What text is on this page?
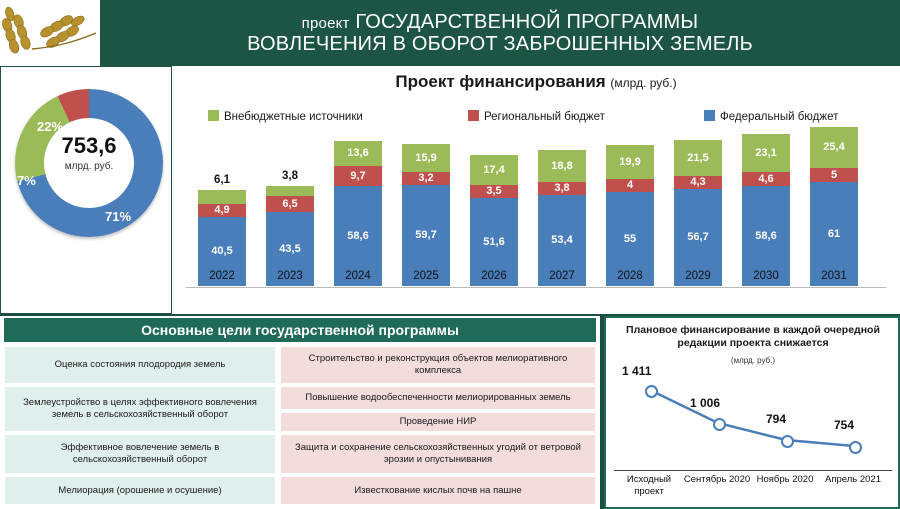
проект ГОСУДАРСТВЕННОЙ ПРОГРАММЫ
ВОВЛЕЧЕНИЯ В ОБОРОТ ЗАБРОШЕННЫХ ЗЕМЕЛЬ
753,6
млрд. руб.
22%
7%
71%
Проект финансирования (млрд. руб.)
Внебюджетные источники	Региональный бюджет	Федеральный бюджет
6,1
4,9
40,5
2022
3,8
6,5
43,5
2023
13,6
9,7
58,6
2024
15,9
3,2
59,7
2025
17,4
3,5
51,6
2026
18,8
3,8
53,4
2027
19,9
4
55
2028
21,5
4,3
56,7
2029
23,1
4,6
58,6
2030
25,4
5
61
2031
Основные цели государственной программы
Оценка состояния плодородия земель
Землеустройство в целях эффективного вовлечения земель в сельскохозяйственный оборот
Эффективное вовлечение земель в сельскохозяйственный оборот
Мелиорация (орошение и осушение)
Строительство и реконструкция объектов мелиоративного комплекса
Повышение водообеспеченности мелиорированных земель
Проведение НИР
Защита и сохранение сельскохозяйственных угодий от ветровой эрозии и опустынивания
Известкование кислых почв на пашне
Плановое финансирование в каждой очередной редакции проекта снижается
(млрд. руб.)
1 411
1 006
794	754
Исходный проект
Сентябрь 2020 Ноябрь 2020	Апрель 2021
